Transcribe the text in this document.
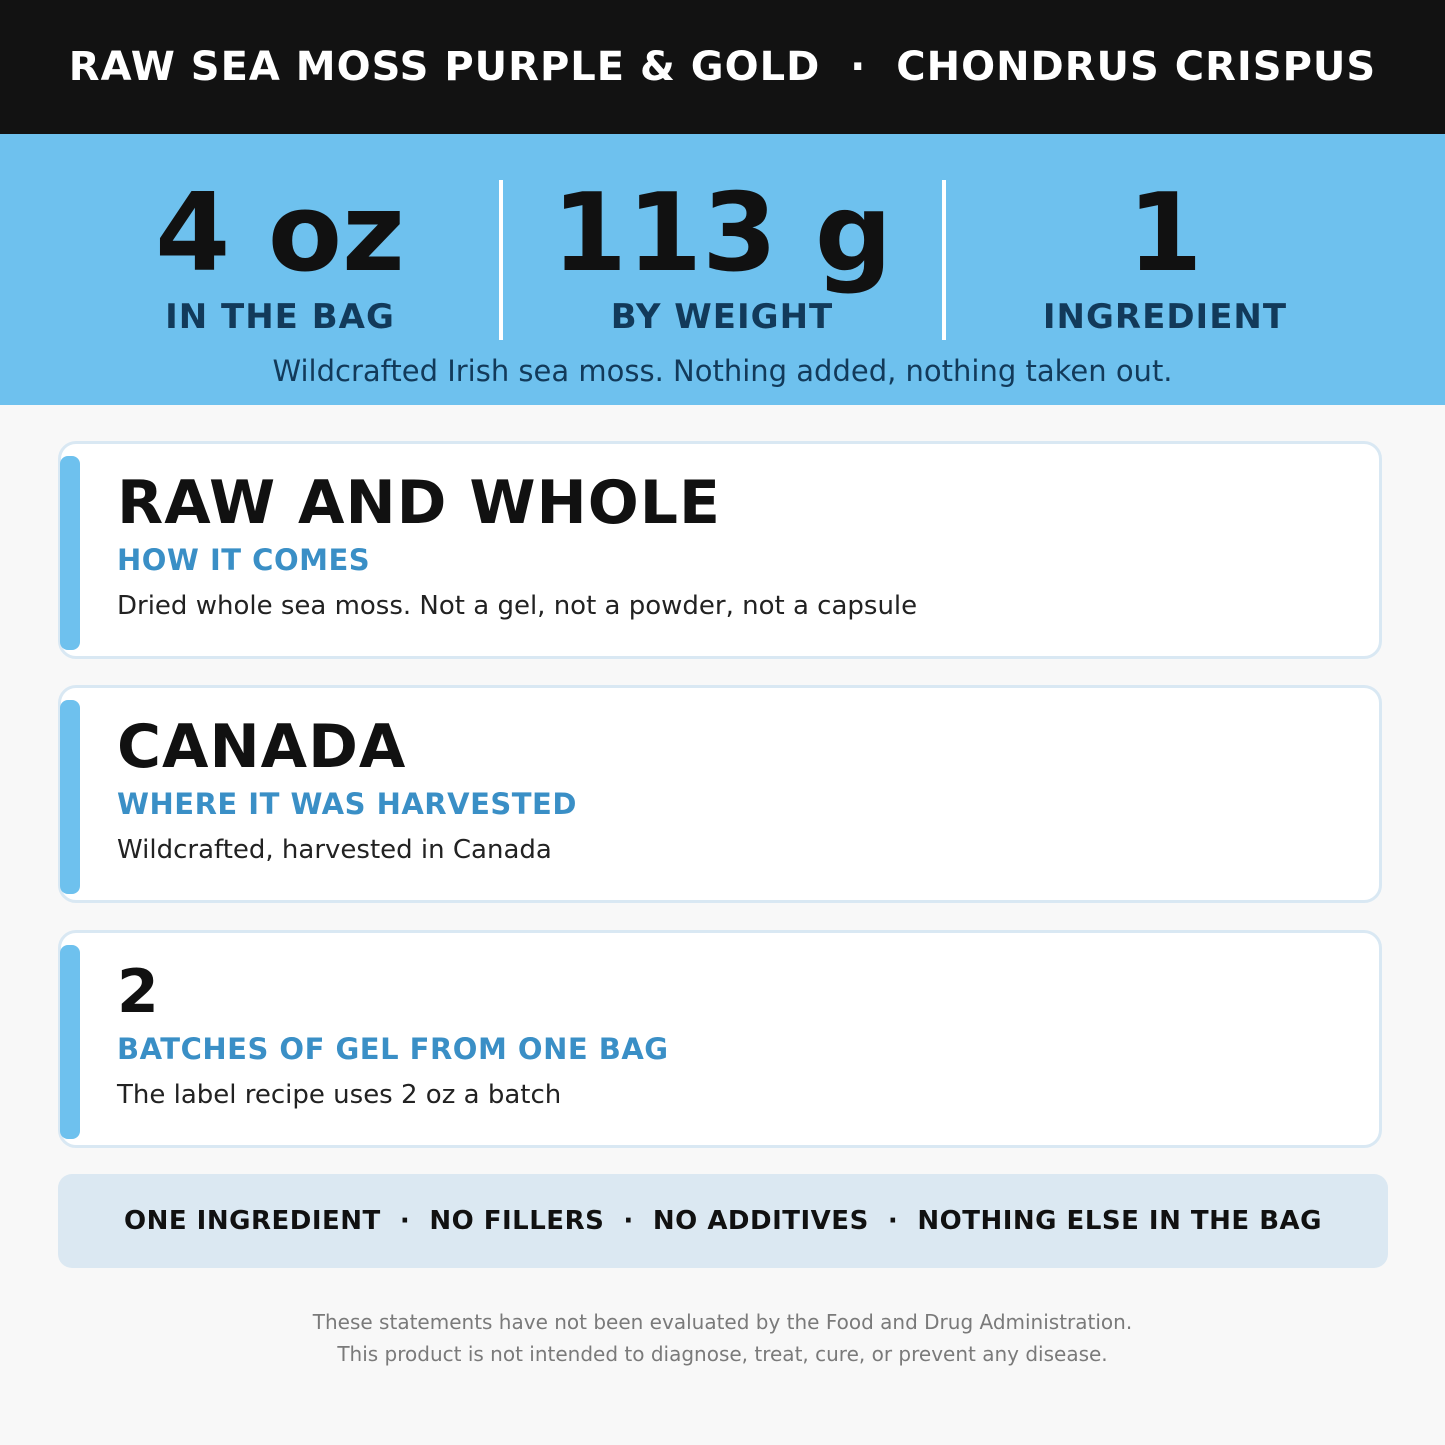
RAW SEA MOSS PURPLE & GOLD  ·  CHONDRUS CRISPUS
4 oz
IN THE BAG
113 g
BY WEIGHT
1
INGREDIENT
Wildcrafted Irish sea moss. Nothing added, nothing taken out.
RAW AND WHOLE
HOW IT COMES
Dried whole sea moss. Not a gel, not a powder, not a capsule
CANADA
WHERE IT WAS HARVESTED
Wildcrafted, harvested in Canada
2
BATCHES OF GEL FROM ONE BAG
The label recipe uses 2 oz a batch
ONE INGREDIENT  ·  NO FILLERS  ·  NO ADDITIVES  ·  NOTHING ELSE IN THE BAG
These statements have not been evaluated by the Food and Drug Administration.
This product is not intended to diagnose, treat, cure, or prevent any disease.
